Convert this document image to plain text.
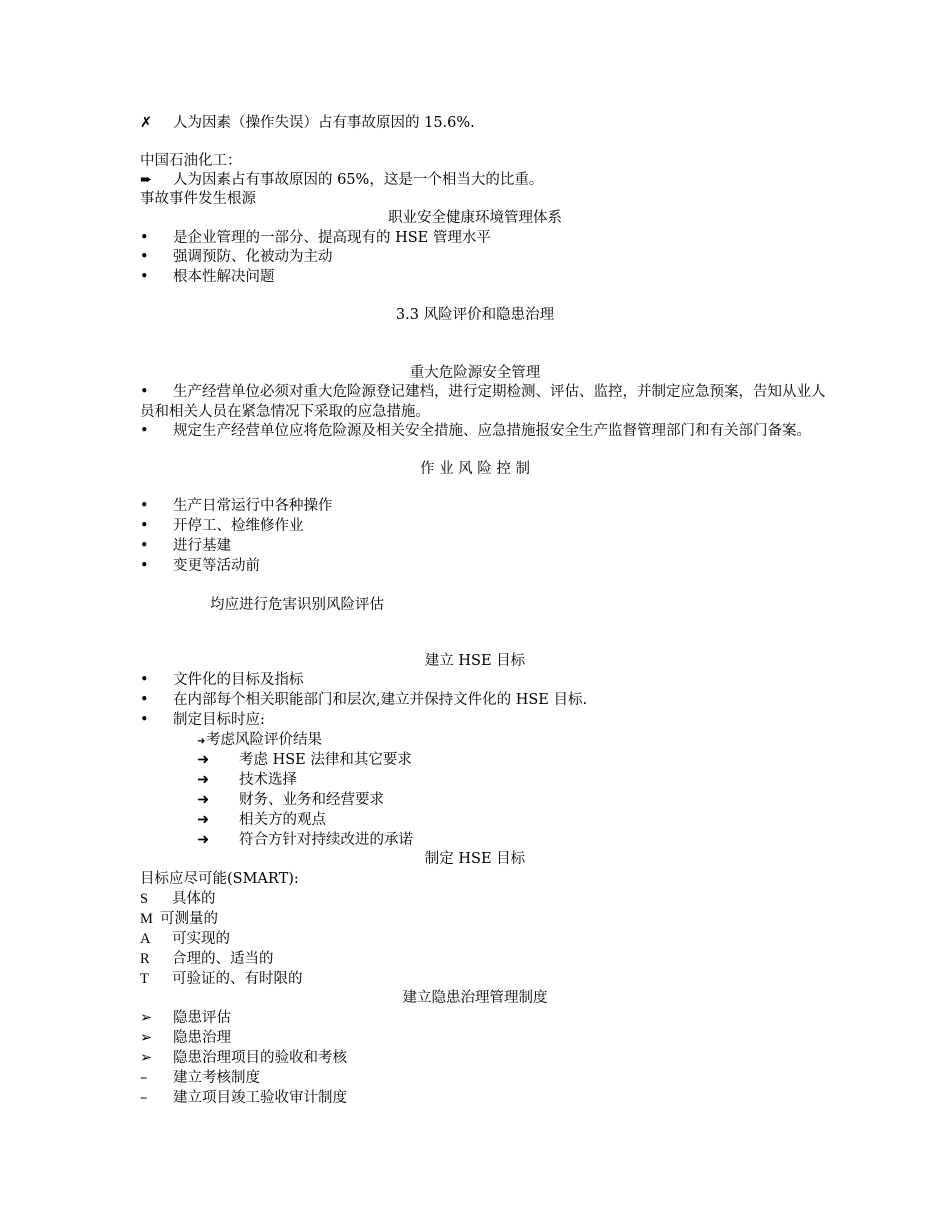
✗ 人为因素（操作失误）占有事故原因的 15.6%.
中国石油化工：
➨ 人为因素占有事故原因的 65%，这是一个相当大的比重。
事故事件发生根源
职业安全健康环境管理体系
• 是企业管理的一部分、提高现有的 HSE 管理水平
• 强调预防、化被动为主动
• 根本性解决问题
3.3 风险评价和隐患治理
重大危险源安全管理
• 生产经营单位必须对重大危险源登记建档，进行定期检测、评估、监控，并制定应急预案，告知从业人员和相关人员在紧急情况下采取的应急措施。
• 规定生产经营单位应将危险源及相关安全措施、应急措施报安全生产监督管理部门和有关部门备案。
作 业 风 险 控 制
• 生产日常运行中各种操作
• 开停工、检维修作业
• 进行基建
• 变更等活动前
均应进行危害识别风险评估
建立 HSE 目标
• 文件化的目标及指标
• 在内部每个相关职能部门和层次,建立并保持文件化的 HSE 目标.
• 制定目标时应:
➜考虑风险评价结果
➜ 考虑 HSE 法律和其它要求
➜ 技术选择
➜ 财务、业务和经营要求
➜ 相关方的观点
➜ 符合方针对持续改进的承诺
制定 HSE 目标
目标应尽可能(SMART):
S 具体的
M 可测量的
A 可实现的
R 合理的、适当的
T 可验证的、有时限的
建立隐患治理管理制度
➢ 隐患评估
➢ 隐患治理
➢ 隐患治理项目的验收和考核
– 建立考核制度
– 建立项目竣工验收审计制度
